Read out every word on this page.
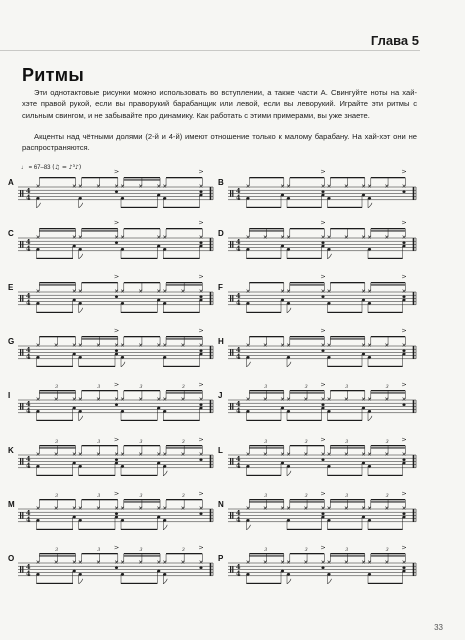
Глава 5
Ритмы

Эти однотактовые рисунки можно использовать во вступлении, а также части А. Свингуйте ноты на хай-хэте правой рукой, если вы праворукий барабанщик или левой, если вы леворукий. Играйте эти ритмы с сильным свингом, и не забывайте про динамику. Как работать с этими примерами, вы уже знаете.

Акценты над чётными долями (2-й и 4-й) имеют отношение только к малому барабану. На хай-хэт они не распространяются.

♩ = 67–83 (♫ = ♪³♪)
A	B
C	D
E	F
G	H
I	J
K	L
M	N
O	P
4
4
4
4
4
4
4
4
4
4
4
4
4
4
4
4
4
4
3	3	3	3
4
4
3	3	3	3
4
4
3	3	3	3
4
4
3	3	3	3
4
4
3	3	3	3
4
4
3	3	3	3
4
4
3	3	3	3
4
4
3	3	3	3
33
